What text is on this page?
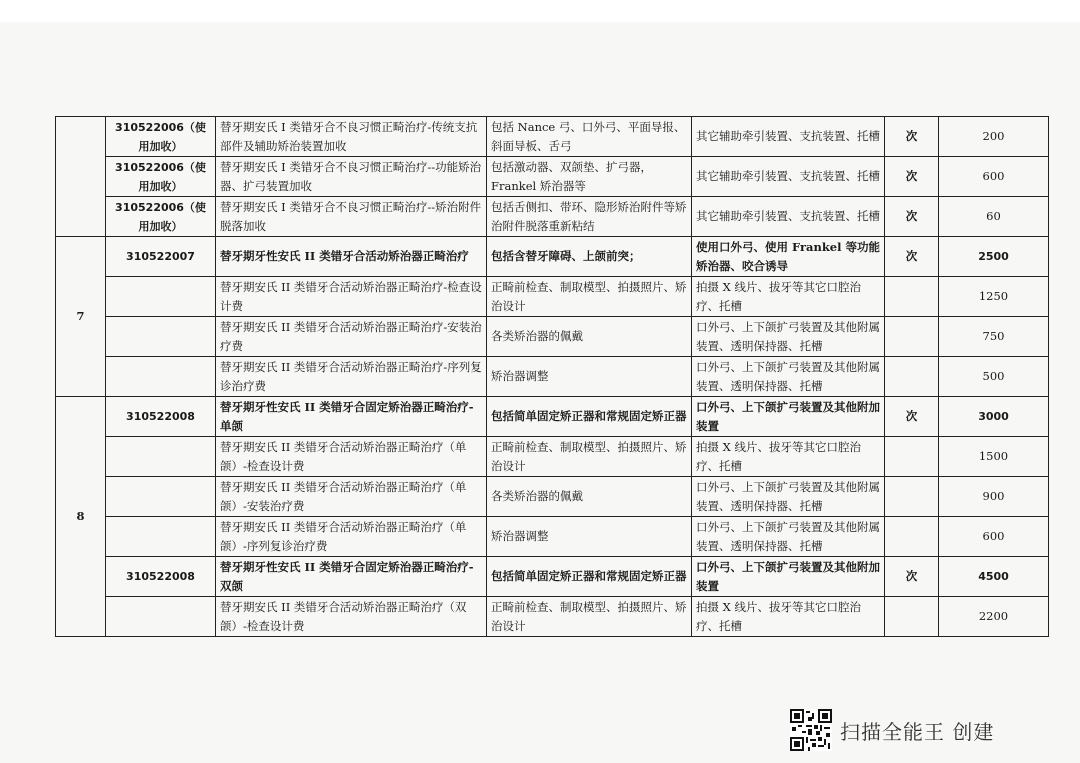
	310522006（使用加收）	替牙期安氏 I 类错牙合不良习惯正畸治疗-传统支抗部件及辅助矫治装置加收	包括 Nance 弓、口外弓、平面导报、斜面导板、舌弓	其它辅助牵引装置、支抗装置、托槽	次	200
	310522006（使用加收）	替牙期安氏 I 类错牙合不良习惯正畸治疗--功能矫治器、扩弓装置加收	包括激动器、双颌垫、扩弓器，Frankel 矫治器等	其它辅助牵引装置、支抗装置、托槽	次	600
	310522006（使用加收）	替牙期安氏 I 类错牙合不良习惯正畸治疗--矫治附件脱落加收	包括舌侧扣、带环、隐形矫治附件等矫治附件脱落重新粘结	其它辅助牵引装置、支抗装置、托槽	次	60
7	310522007	替牙期牙性安氏 II 类错牙合活动矫治器正畸治疗	包括含替牙障碍、上颌前突；	使用口外弓、使用 Frankel 等功能矫治器、咬合诱导	次	2500
		替牙期安氏 II 类错牙合活动矫治器正畸治疗-检查设计费	正畸前检查、制取模型、拍摄照片、矫治设计	拍摄 X 线片、拔牙等其它口腔治疗、托槽		1250
		替牙期安氏 II 类错牙合活动矫治器正畸治疗-安装治疗费	各类矫治器的佩戴	口外弓、上下颌扩弓装置及其他附属装置、透明保持器、托槽		750
		替牙期安氏 II 类错牙合活动矫治器正畸治疗-序列复诊治疗费	矫治器调整	口外弓、上下颌扩弓装置及其他附属装置、透明保持器、托槽		500
8	310522008	替牙期牙性安氏 II 类错牙合固定矫治器正畸治疗-单颌	包括简单固定矫正器和常规固定矫正器	口外弓、上下颌扩弓装置及其他附加装置	次	3000
		替牙期安氏 II 类错牙合活动矫治器正畸治疗（单颌）-检查设计费	正畸前检查、制取模型、拍摄照片、矫治设计	拍摄 X 线片、拔牙等其它口腔治疗、托槽		1500
		替牙期安氏 II 类错牙合活动矫治器正畸治疗（单颌）-安装治疗费	各类矫治器的佩戴	口外弓、上下颌扩弓装置及其他附属装置、透明保持器、托槽		900
		替牙期安氏 II 类错牙合活动矫治器正畸治疗（单颌）-序列复诊治疗费	矫治器调整	口外弓、上下颌扩弓装置及其他附属装置、透明保持器、托槽		600
	310522008	替牙期牙性安氏 II 类错牙合固定矫治器正畸治疗-双颌	包括简单固定矫正器和常规固定矫正器	口外弓、上下颌扩弓装置及其他附加装置	次	4500
		替牙期安氏 II 类错牙合活动矫治器正畸治疗（双颌）-检查设计费	正畸前检查、制取模型、拍摄照片、矫治设计	拍摄 X 线片、拔牙等其它口腔治疗、托槽		2200
扫描全能王 创建
